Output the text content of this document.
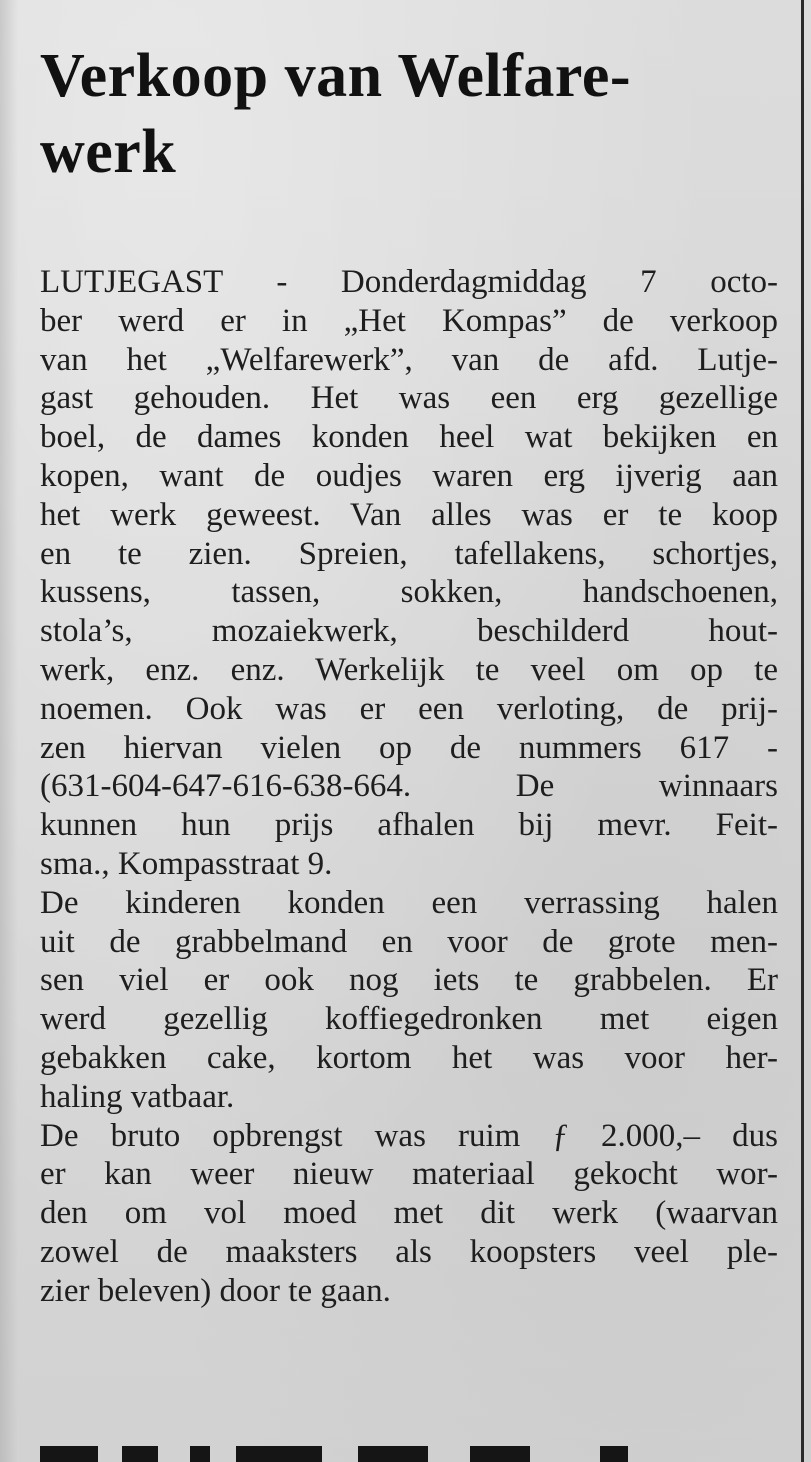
Verkoop van Welfare-
werk
LUTJEGAST - Donderdagmiddag 7 octo-
ber werd er in „Het Kompas” de verkoop
van het „Welfarewerk”, van de afd. Lutje-
gast gehouden. Het was een erg gezellige
boel, de dames konden heel wat bekijken en
kopen, want de oudjes waren erg ijverig aan
het werk geweest. Van alles was er te koop
en te zien. Spreien, tafellakens, schortjes,
kussens, tassen, sokken, handschoenen,
stola’s, mozaiekwerk, beschilderd hout-
werk, enz. enz. Werkelijk te veel om op te
noemen. Ook was er een verloting, de prij-
zen hiervan vielen op de nummers 617 -
(631-604-647-616-638-664. De winnaars
kunnen hun prijs afhalen bij mevr. Feit-
sma., Kompasstraat 9.
De kinderen konden een verrassing halen
uit de grabbelmand en voor de grote men-
sen viel er ook nog iets te grabbelen. Er
werd gezellig koffiegedronken met eigen
gebakken cake, kortom het was voor her-
haling vatbaar.
De bruto opbrengst was ruim ƒ 2.000,– dus
er kan weer nieuw materiaal gekocht wor-
den om vol moed met dit werk (waarvan
zowel de maaksters als koopsters veel ple-
zier beleven) door te gaan.
